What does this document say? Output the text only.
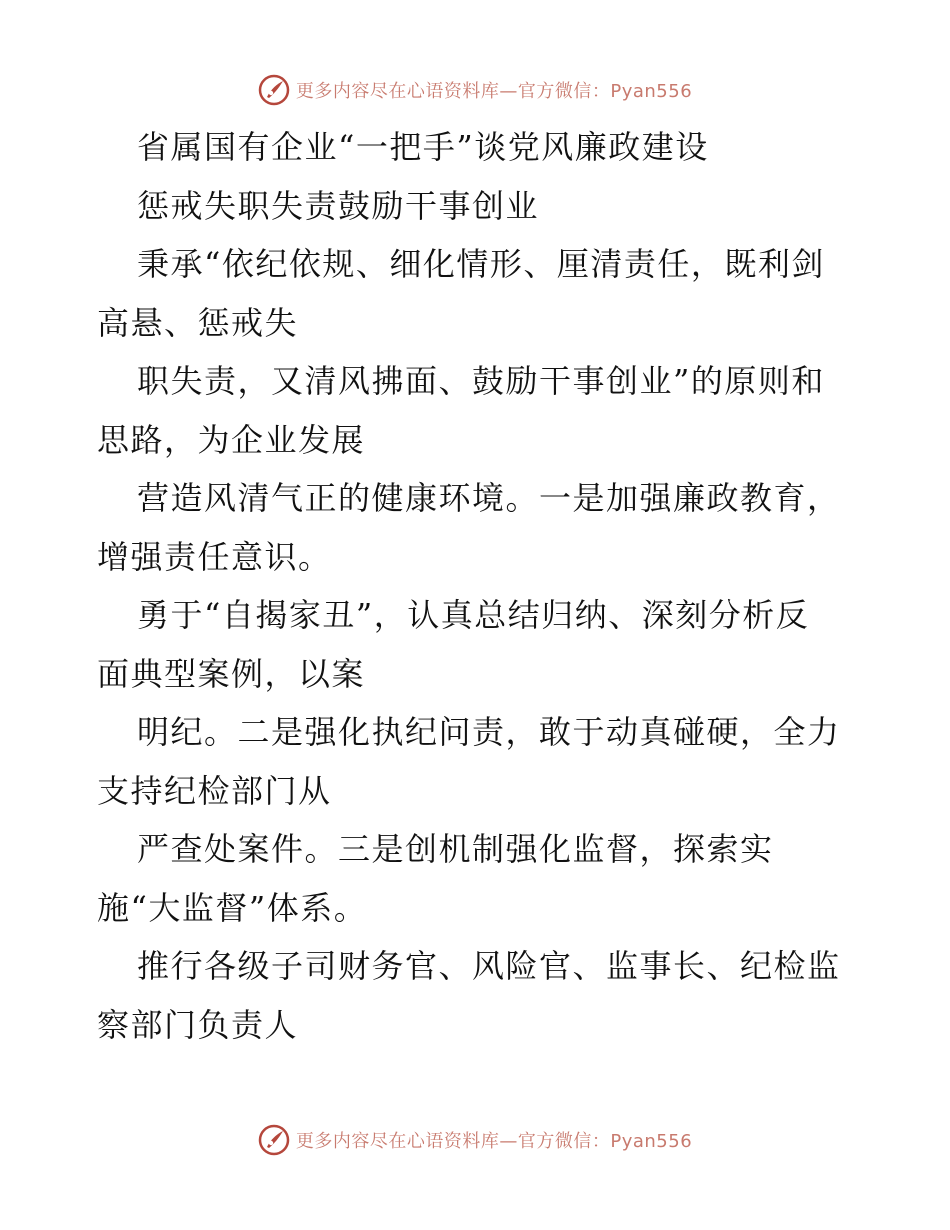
更多内容尽在心语资料库—官方微信：Pyan556
省属国有企业“一把手”谈党风廉政建设
惩戒失职失责鼓励干事创业
秉承“依纪依规、细化情形、厘清责任，既利剑
高悬、惩戒失
职失责，又清风拂面、鼓励干事创业”的原则和
思路，为企业发展
营造风清气正的健康环境。一是加强廉政教育，
增强责任意识。
勇于“自揭家丑”，认真总结归纳、深刻分析反
面典型案例，以案
明纪。二是强化执纪问责，敢于动真碰硬，全力
支持纪检部门从
严查处案件。三是创机制强化监督，探索实
施“大监督”体系。
推行各级子司财务官、风险官、监事长、纪检监
察部门负责人
更多内容尽在心语资料库—官方微信：Pyan556
